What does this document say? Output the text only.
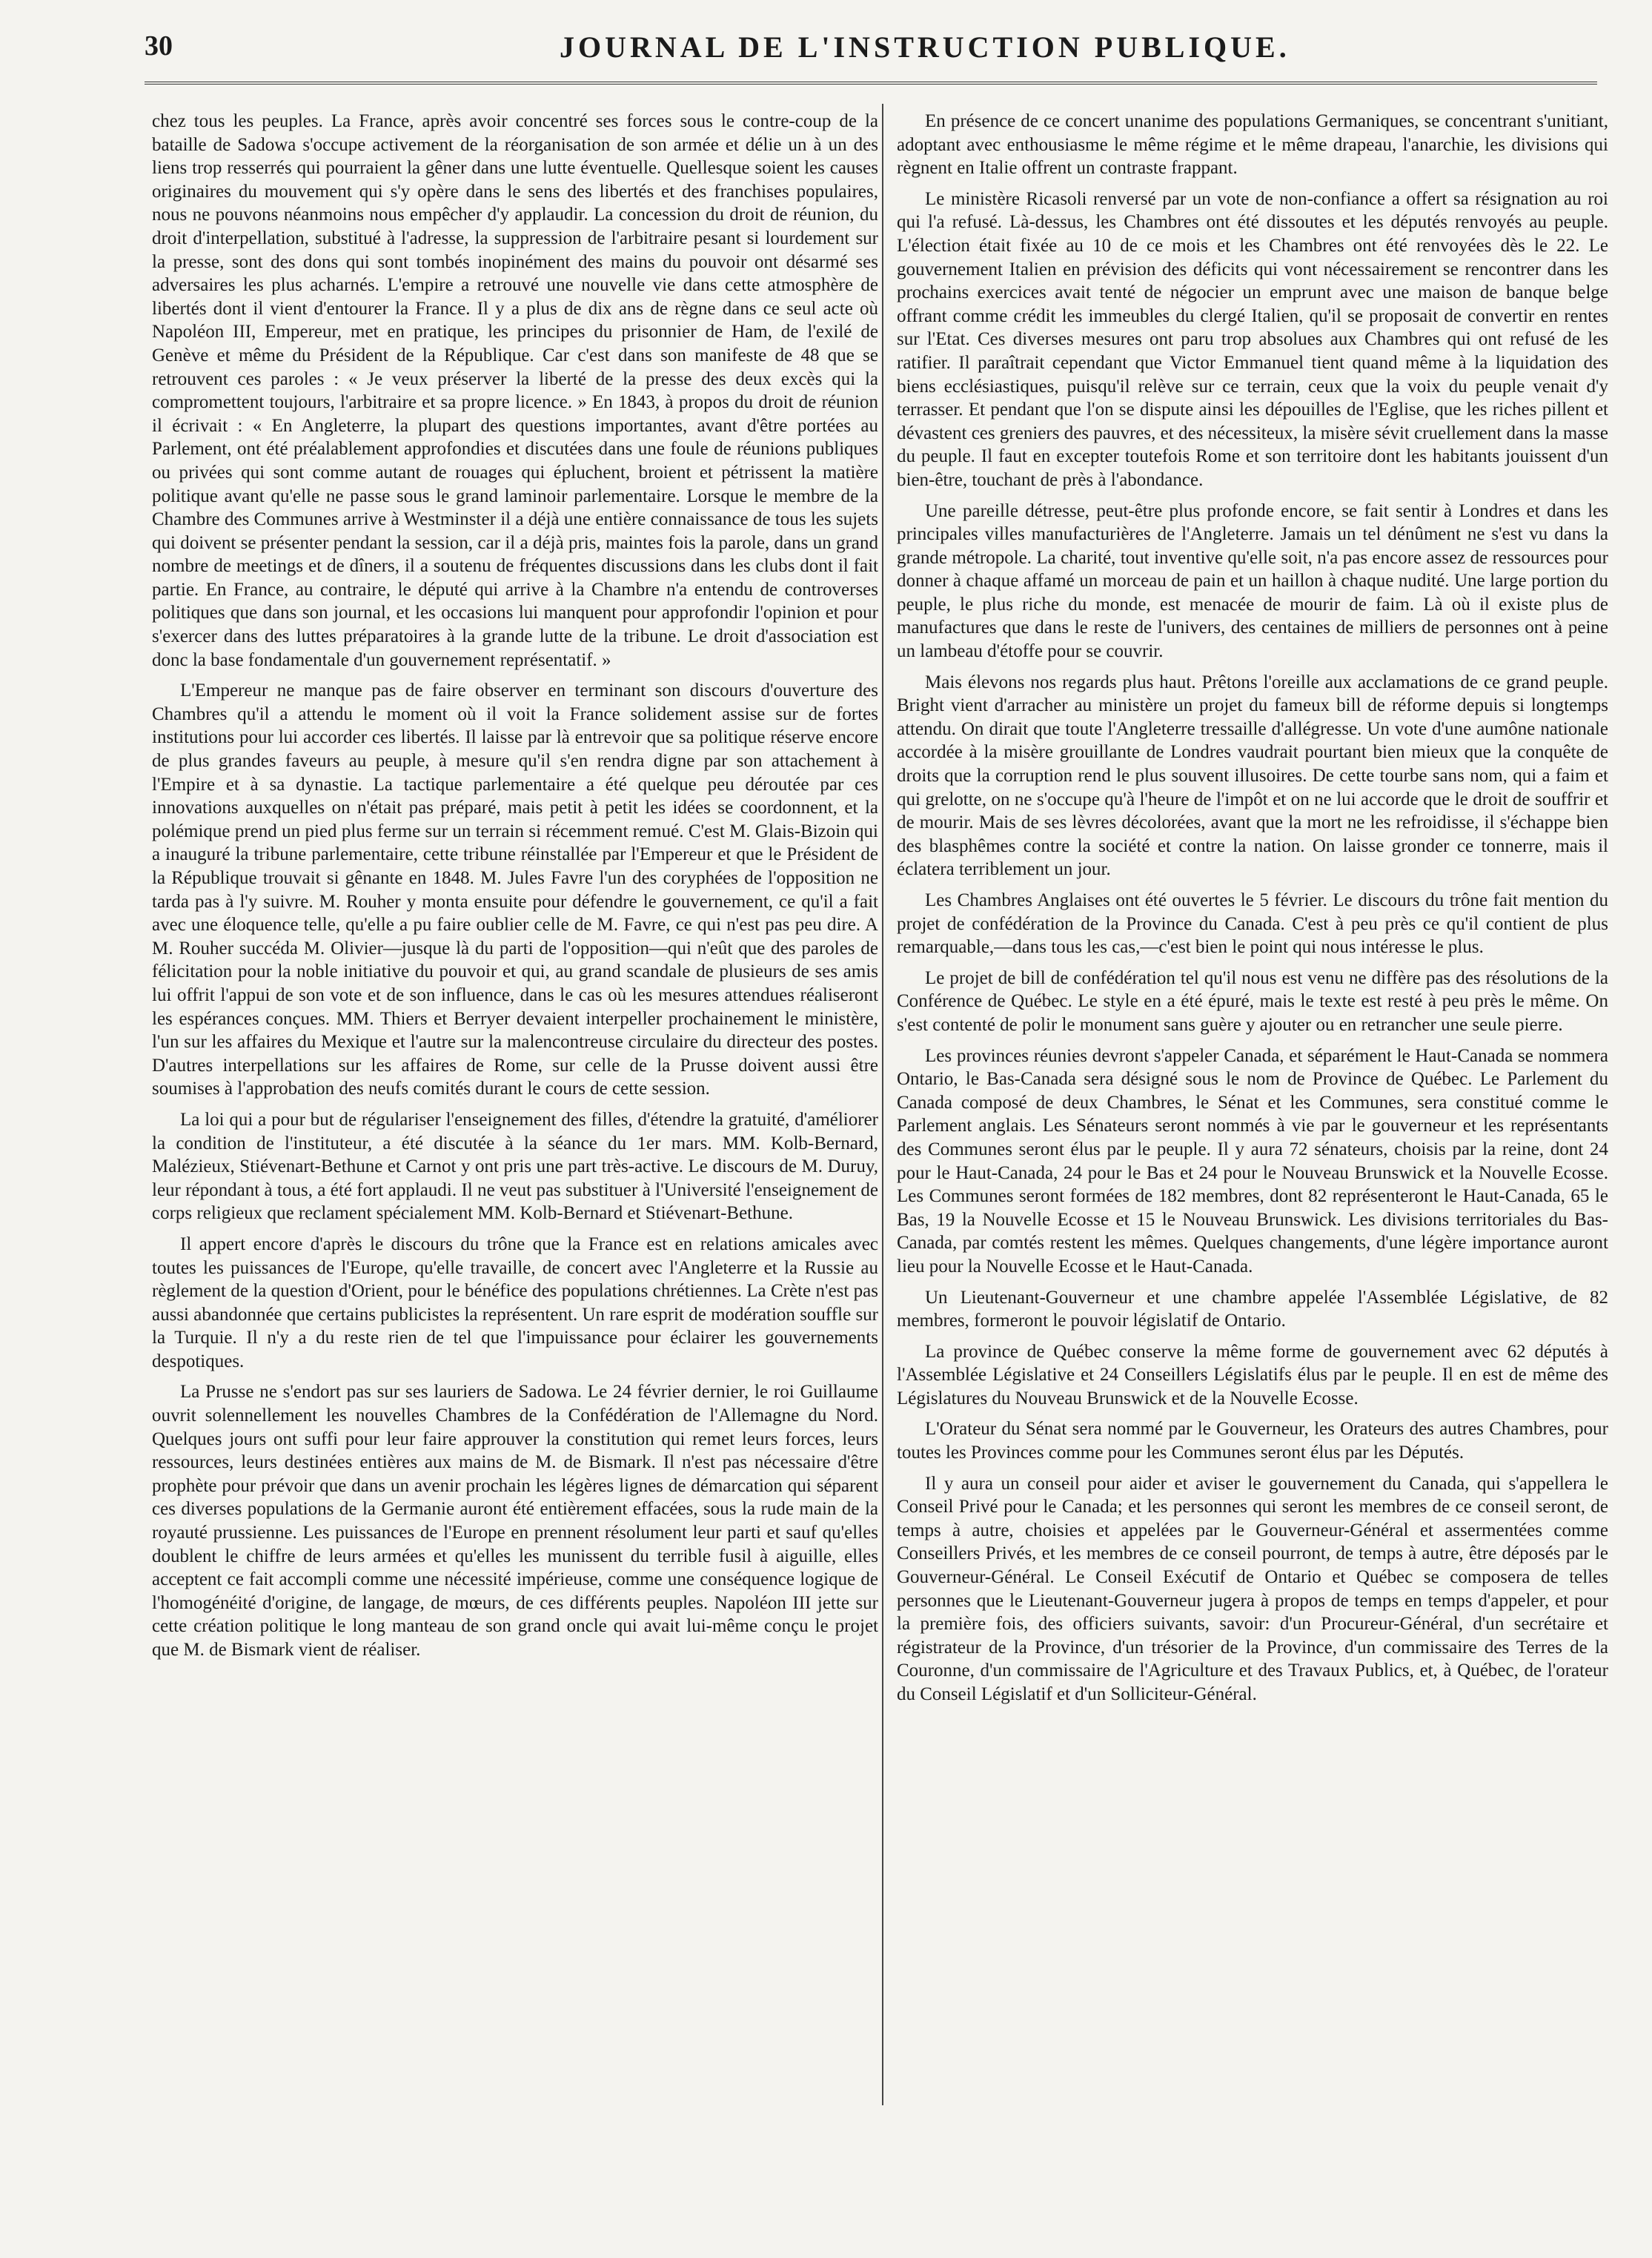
30	JOURNAL DE L'INSTRUCTION PUBLIQUE.

chez tous les peuples. La France, après avoir concentré ses forces sous le contre-coup de la bataille de Sadowa s'occupe activement de la réorganisation de son armée et délie un à un des liens trop resserrés qui pourraient la gêner dans une lutte éventuelle. Quellesque soient les causes originaires du mouvement qui s'y opère dans le sens des libertés et des franchises populaires, nous ne pouvons néanmoins nous empêcher d'y applaudir. La concession du droit de réunion, du droit d'interpellation, substitué à l'adresse, la suppression de l'arbitraire pesant si lourdement sur la presse, sont des dons qui sont tombés inopinément des mains du pouvoir ont désarmé ses adversaires les plus acharnés. L'empire a retrouvé une nouvelle vie dans cette atmosphère de libertés dont il vient d'entourer la France. Il y a plus de dix ans de règne dans ce seul acte où Napoléon III, Empereur, met en pratique, les principes du prisonnier de Ham, de l'exilé de Genève et même du Président de la République. Car c'est dans son manifeste de 48 que se retrouvent ces paroles : « Je veux préserver la liberté de la presse des deux excès qui la compromettent toujours, l'arbitraire et sa propre licence. » En 1843, à propos du droit de réunion il écrivait : « En Angleterre, la plupart des questions importantes, avant d'être portées au Parlement, ont été préalablement approfondies et discutées dans une foule de réunions publiques ou privées qui sont comme autant de rouages qui épluchent, broient et pétrissent la matière politique avant qu'elle ne passe sous le grand laminoir parlementaire. Lorsque le membre de la Chambre des Communes arrive à Westminster il a déjà une entière connaissance de tous les sujets qui doivent se présenter pendant la session, car il a déjà pris, maintes fois la parole, dans un grand nombre de meetings et de dîners, il a soutenu de fréquentes discussions dans les clubs dont il fait partie. En France, au contraire, le député qui arrive à la Chambre n'a entendu de controverses politiques que dans son journal, et les occasions lui manquent pour approfondir l'opinion et pour s'exercer dans des luttes préparatoires à la grande lutte de la tribune. Le droit d'association est donc la base fondamentale d'un gouvernement représentatif. »

L'Empereur ne manque pas de faire observer en terminant son discours d'ouverture des Chambres qu'il a attendu le moment où il voit la France solidement assise sur de fortes institutions pour lui accorder ces libertés. Il laisse par là entrevoir que sa politique réserve encore de plus grandes faveurs au peuple, à mesure qu'il s'en rendra digne par son attachement à l'Empire et à sa dynastie. La tactique parlementaire a été quelque peu déroutée par ces innovations auxquelles on n'était pas préparé, mais petit à petit les idées se coordonnent, et la polémique prend un pied plus ferme sur un terrain si récemment remué. C'est M. Glais-Bizoin qui a inauguré la tribune parlementaire, cette tribune réinstallée par l'Empereur et que le Président de la République trouvait si gênante en 1848. M. Jules Favre l'un des coryphées de l'opposition ne tarda pas à l'y suivre. M. Rouher y monta ensuite pour défendre le gouvernement, ce qu'il a fait avec une éloquence telle, qu'elle a pu faire oublier celle de M. Favre, ce qui n'est pas peu dire. A M. Rouher succéda M. Olivier—jusque là du parti de l'opposition—qui n'eût que des paroles de félicitation pour la noble initiative du pouvoir et qui, au grand scandale de plusieurs de ses amis lui offrit l'appui de son vote et de son influence, dans le cas où les mesures attendues réaliseront les espérances conçues. MM. Thiers et Berryer devaient interpeller prochainement le ministère, l'un sur les affaires du Mexique et l'autre sur la malencontreuse circulaire du directeur des postes. D'autres interpellations sur les affaires de Rome, sur celle de la Prusse doivent aussi être soumises à l'approbation des neufs comités durant le cours de cette session.

La loi qui a pour but de régulariser l'enseignement des filles, d'étendre la gratuité, d'améliorer la condition de l'instituteur, a été discutée à la séance du 1er mars. MM. Kolb-Bernard, Malézieux, Stiévenart-Bethune et Carnot y ont pris une part très-active. Le discours de M. Duruy, leur répondant à tous, a été fort applaudi. Il ne veut pas substituer à l'Université l'enseignement de corps religieux que reclament spécialement MM. Kolb-Bernard et Stiévenart-Bethune.

Il appert encore d'après le discours du trône que la France est en relations amicales avec toutes les puissances de l'Europe, qu'elle travaille, de concert avec l'Angleterre et la Russie au règlement de la question d'Orient, pour le bénéfice des populations chrétiennes. La Crète n'est pas aussi abandonnée que certains publicistes la représentent. Un rare esprit de modération souffle sur la Turquie. Il n'y a du reste rien de tel que l'impuissance pour éclairer les gouvernements despotiques.

La Prusse ne s'endort pas sur ses lauriers de Sadowa. Le 24 février dernier, le roi Guillaume ouvrit solennellement les nouvelles Chambres de la Confédération de l'Allemagne du Nord. Quelques jours ont suffi pour leur faire approuver la constitution qui remet leurs forces, leurs ressources, leurs destinées entières aux mains de M. de Bismark. Il n'est pas nécessaire d'être prophète pour prévoir que dans un avenir prochain les légères lignes de démarcation qui séparent ces diverses populations de la Germanie auront été entièrement effacées, sous la rude main de la royauté prussienne. Les puissances de l'Europe en prennent résolument leur parti et sauf qu'elles doublent le chiffre de leurs armées et qu'elles les munissent du terrible fusil à aiguille, elles acceptent ce fait accompli comme une nécessité impérieuse, comme une conséquence logique de l'homogénéité d'origine, de langage, de mœurs, de ces différents peuples. Napoléon III jette sur cette création politique le long manteau de son grand oncle qui avait lui-même conçu le projet que M. de Bismark vient de réaliser.

En présence de ce concert unanime des populations Germaniques, se concentrant s'unitiant, adoptant avec enthousiasme le même régime et le même drapeau, l'anarchie, les divisions qui règnent en Italie offrent un contraste frappant.

Le ministère Ricasoli renversé par un vote de non-confiance a offert sa résignation au roi qui l'a refusé. Là-dessus, les Chambres ont été dissoutes et les députés renvoyés au peuple. L'élection était fixée au 10 de ce mois et les Chambres ont été renvoyées dès le 22. Le gouvernement Italien en prévision des déficits qui vont nécessairement se rencontrer dans les prochains exercices avait tenté de négocier un emprunt avec une maison de banque belge offrant comme crédit les immeubles du clergé Italien, qu'il se proposait de convertir en rentes sur l'Etat. Ces diverses mesures ont paru trop absolues aux Chambres qui ont refusé de les ratifier. Il paraîtrait cependant que Victor Emmanuel tient quand même à la liquidation des biens ecclésiastiques, puisqu'il relève sur ce terrain, ceux que la voix du peuple venait d'y terrasser. Et pendant que l'on se dispute ainsi les dépouilles de l'Eglise, que les riches pillent et dévastent ces greniers des pauvres, et des nécessiteux, la misère sévit cruellement dans la masse du peuple. Il faut en excepter toutefois Rome et son territoire dont les habitants jouissent d'un bien-être, touchant de près à l'abondance.

Une pareille détresse, peut-être plus profonde encore, se fait sentir à Londres et dans les principales villes manufacturières de l'Angleterre. Jamais un tel dénûment ne s'est vu dans la grande métropole. La charité, tout inventive qu'elle soit, n'a pas encore assez de ressources pour donner à chaque affamé un morceau de pain et un haillon à chaque nudité. Une large portion du peuple, le plus riche du monde, est menacée de mourir de faim. Là où il existe plus de manufactures que dans le reste de l'univers, des centaines de milliers de personnes ont à peine un lambeau d'étoffe pour se couvrir.

Mais élevons nos regards plus haut. Prêtons l'oreille aux acclamations de ce grand peuple. Bright vient d'arracher au ministère un projet du fameux bill de réforme depuis si longtemps attendu. On dirait que toute l'Angleterre tressaille d'allégresse. Un vote d'une aumône nationale accordée à la misère grouillante de Londres vaudrait pourtant bien mieux que la conquête de droits que la corruption rend le plus souvent illusoires. De cette tourbe sans nom, qui a faim et qui grelotte, on ne s'occupe qu'à l'heure de l'impôt et on ne lui accorde que le droit de souffrir et de mourir. Mais de ses lèvres décolorées, avant que la mort ne les refroidisse, il s'échappe bien des blasphêmes contre la société et contre la nation. On laisse gronder ce tonnerre, mais il éclatera terriblement un jour.

Les Chambres Anglaises ont été ouvertes le 5 février. Le discours du trône fait mention du projet de confédération de la Province du Canada. C'est à peu près ce qu'il contient de plus remarquable,—dans tous les cas,—c'est bien le point qui nous intéresse le plus.

Le projet de bill de confédération tel qu'il nous est venu ne diffère pas des résolutions de la Conférence de Québec. Le style en a été épuré, mais le texte est resté à peu près le même. On s'est contenté de polir le monument sans guère y ajouter ou en retrancher une seule pierre.

Les provinces réunies devront s'appeler Canada, et séparément le Haut-Canada se nommera Ontario, le Bas-Canada sera désigné sous le nom de Province de Québec. Le Parlement du Canada composé de deux Chambres, le Sénat et les Communes, sera constitué comme le Parlement anglais. Les Sénateurs seront nommés à vie par le gouverneur et les représentants des Communes seront élus par le peuple. Il y aura 72 sénateurs, choisis par la reine, dont 24 pour le Haut-Canada, 24 pour le Bas et 24 pour le Nouveau Brunswick et la Nouvelle Ecosse. Les Communes seront formées de 182 membres, dont 82 représenteront le Haut-Canada, 65 le Bas, 19 la Nouvelle Ecosse et 15 le Nouveau Brunswick. Les divisions territoriales du Bas-Canada, par comtés restent les mêmes. Quelques changements, d'une légère importance auront lieu pour la Nouvelle Ecosse et le Haut-Canada.

Un Lieutenant-Gouverneur et une chambre appelée l'Assemblée Législative, de 82 membres, formeront le pouvoir législatif de Ontario.

La province de Québec conserve la même forme de gouvernement avec 62 députés à l'Assemblée Législative et 24 Conseillers Législatifs élus par le peuple. Il en est de même des Législatures du Nouveau Brunswick et de la Nouvelle Ecosse.

L'Orateur du Sénat sera nommé par le Gouverneur, les Orateurs des autres Chambres, pour toutes les Provinces comme pour les Communes seront élus par les Députés.

Il y aura un conseil pour aider et aviser le gouvernement du Canada, qui s'appellera le Conseil Privé pour le Canada; et les personnes qui seront les membres de ce conseil seront, de temps à autre, choisies et appelées par le Gouverneur-Général et assermentées comme Conseillers Privés, et les membres de ce conseil pourront, de temps à autre, être déposés par le Gouverneur-Général. Le Conseil Exécutif de Ontario et Québec se composera de telles personnes que le Lieutenant-Gouverneur jugera à propos de temps en temps d'appeler, et pour la première fois, des officiers suivants, savoir: d'un Procureur-Général, d'un secrétaire et régistrateur de la Province, d'un trésorier de la Province, d'un commissaire des Terres de la Couronne, d'un commissaire de l'Agriculture et des Travaux Publics, et, à Québec, de l'orateur du Conseil Législatif et d'un Solliciteur-Général.
